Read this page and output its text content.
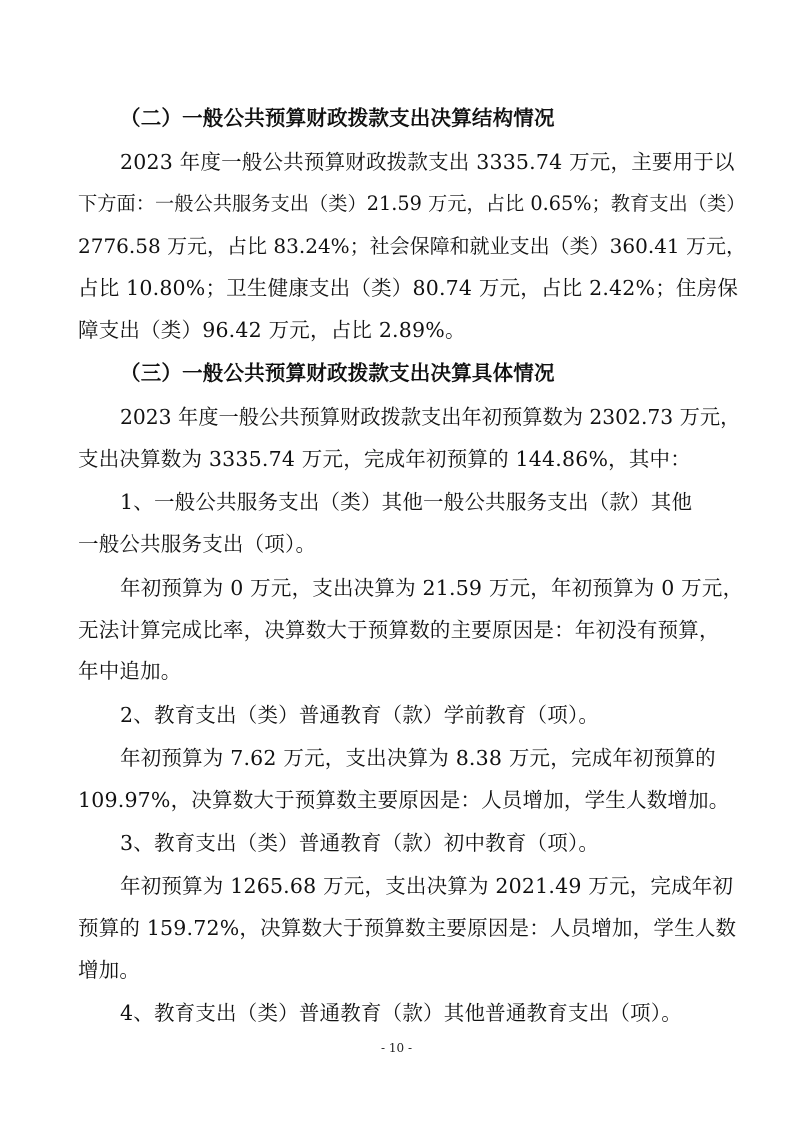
（二）一般公共预算财政拨款支出决算结构情况
2023 年度一般公共预算财政拨款支出 3335.74 万元，主要用于以
下方面：一般公共服务支出（类）21.59 万元，占比 0.65%；教育支出（类）
2776.58 万元，占比 83.24%；社会保障和就业支出（类）360.41 万元，
占比 10.80%；卫生健康支出（类）80.74 万元，占比 2.42%；住房保
障支出（类）96.42 万元，占比 2.89%。
（三）一般公共预算财政拨款支出决算具体情况
2023 年度一般公共预算财政拨款支出年初预算数为 2302.73 万元，
支出决算数为 3335.74 万元，完成年初预算的 144.86%，其中：
1、一般公共服务支出（类）其他一般公共服务支出（款）其他
一般公共服务支出（项）。
年初预算为 0 万元，支出决算为 21.59 万元，年初预算为 0 万元，
无法计算完成比率，决算数大于预算数的主要原因是：年初没有预算，
年中追加。
2、教育支出（类）普通教育（款）学前教育（项）。
年初预算为 7.62 万元，支出决算为 8.38 万元，完成年初预算的
109.97%，决算数大于预算数主要原因是：人员增加，学生人数增加。
3、教育支出（类）普通教育（款）初中教育（项）。
年初预算为 1265.68 万元，支出决算为 2021.49 万元，完成年初
预算的 159.72%，决算数大于预算数主要原因是：人员增加，学生人数
增加。
4、教育支出（类）普通教育（款）其他普通教育支出（项）。
- 10 -
